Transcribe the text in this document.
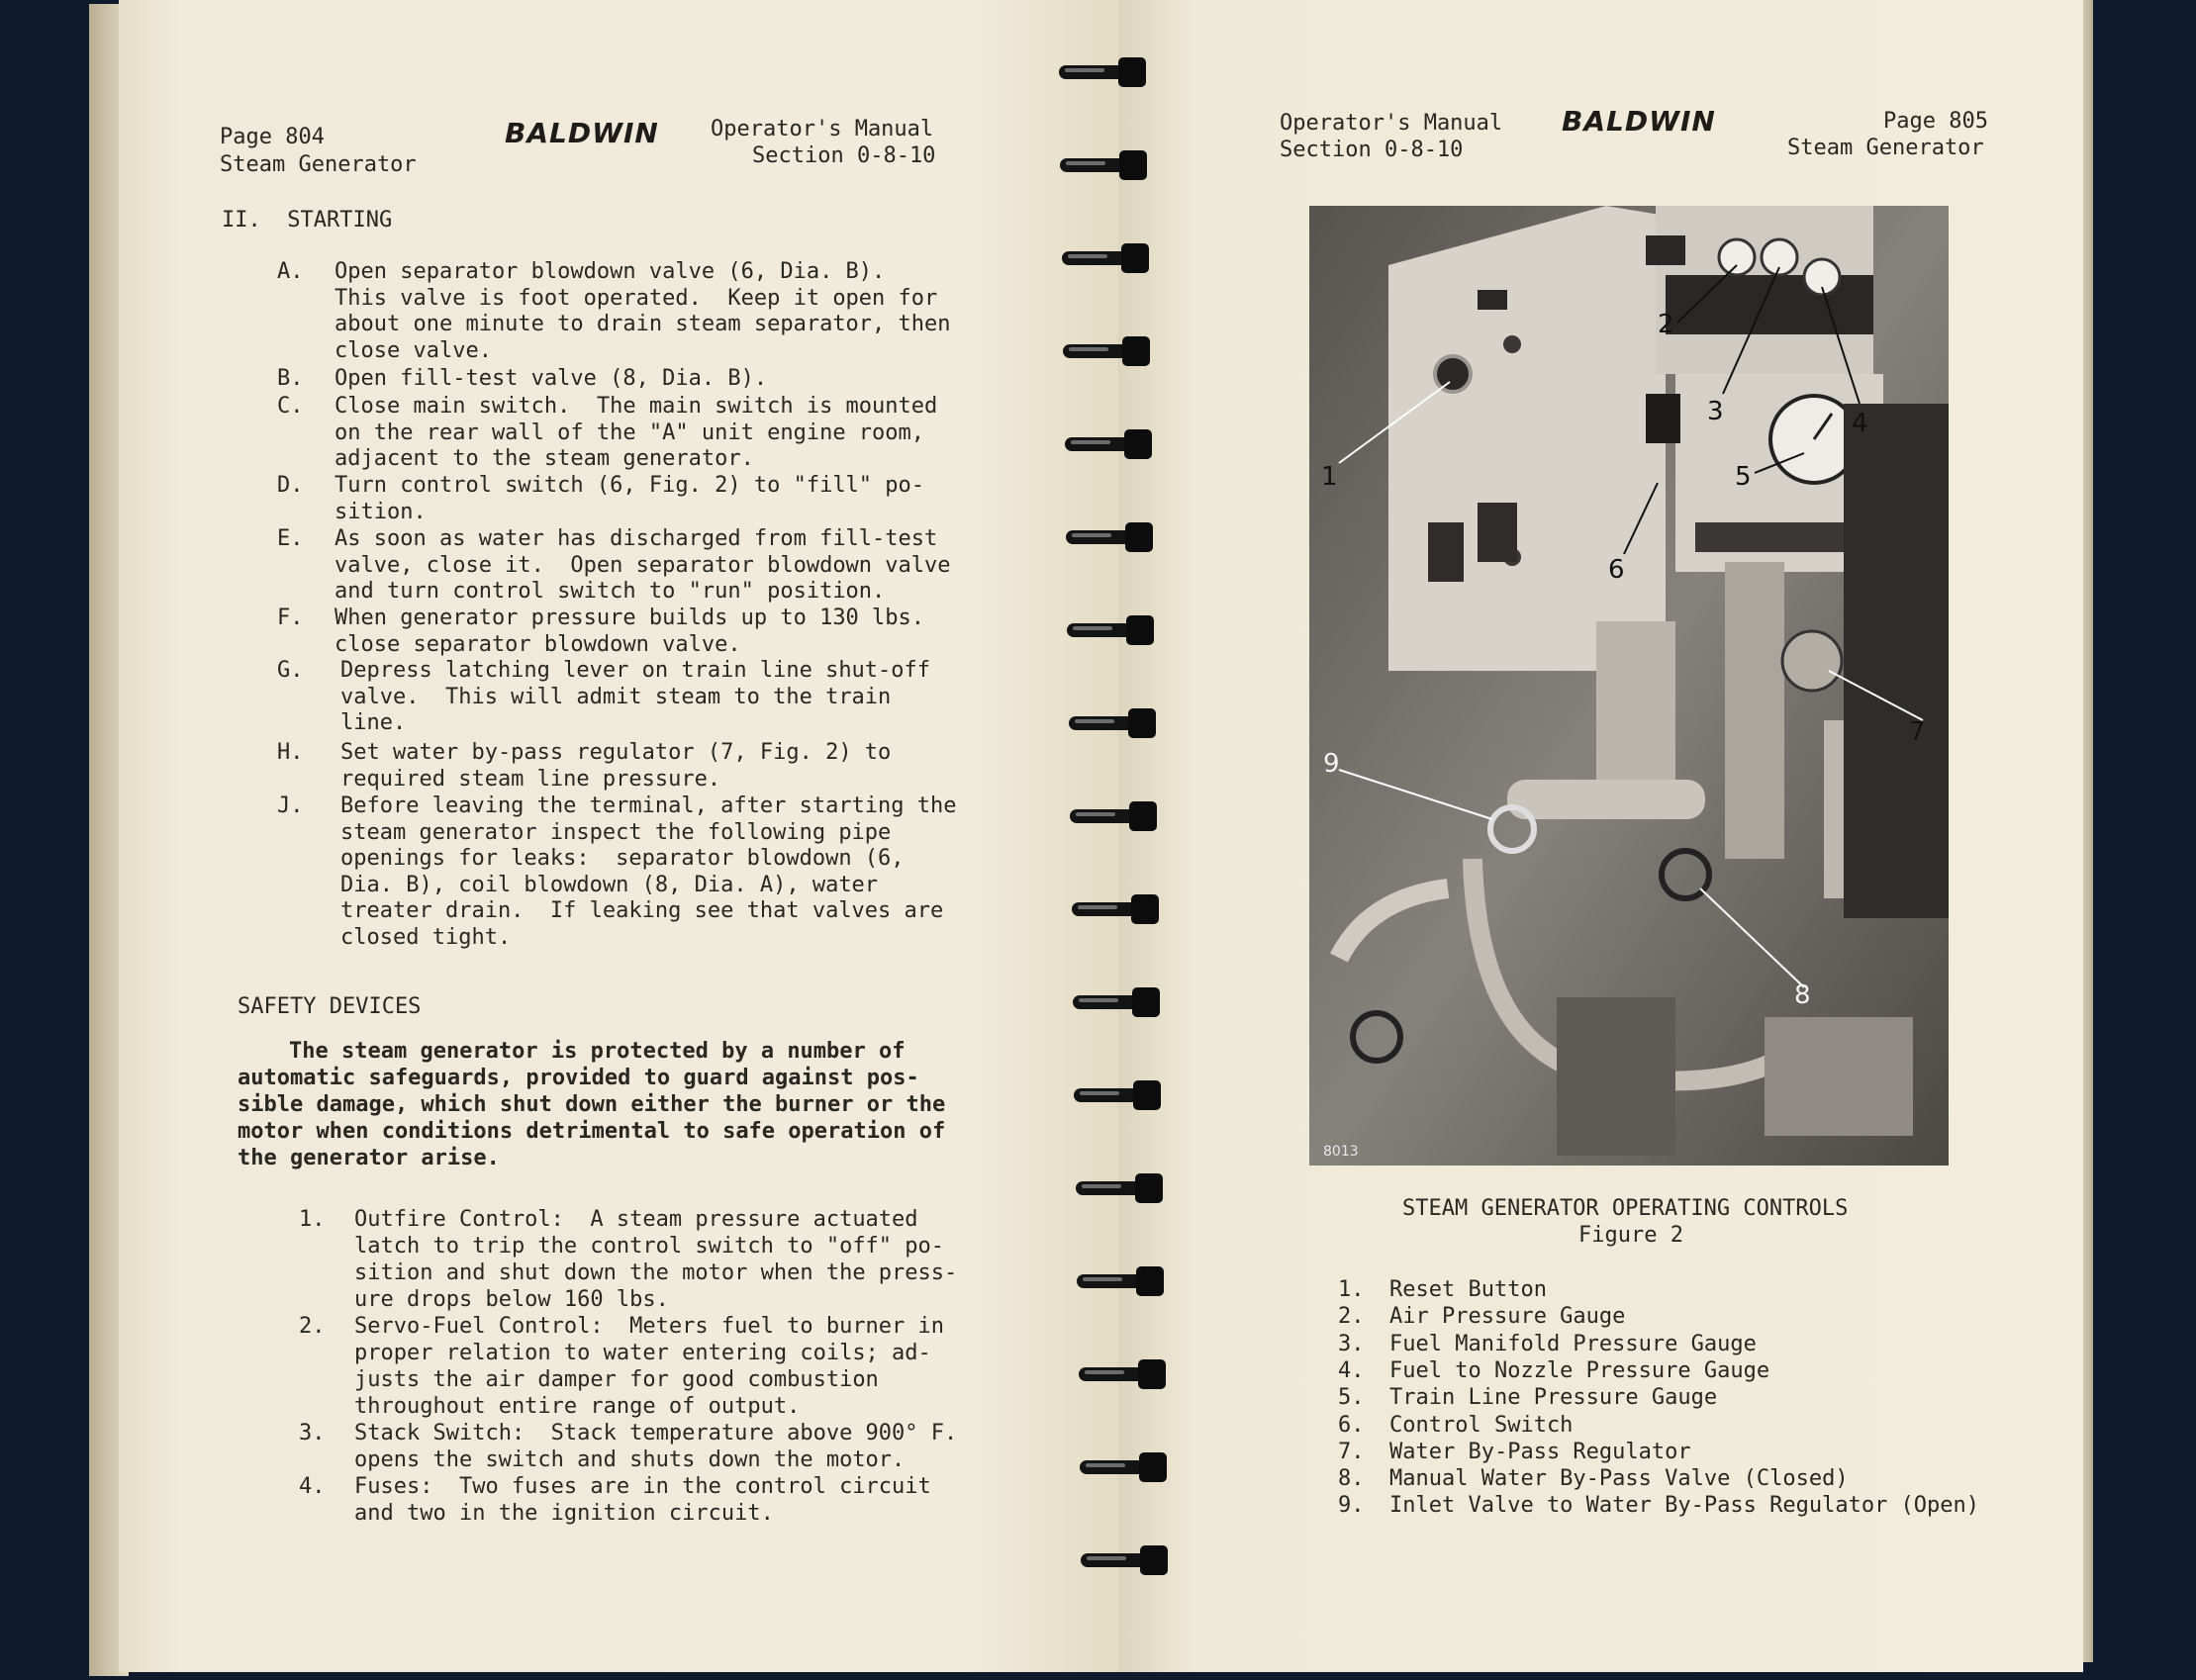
Page 804
Steam Generator
BALDWIN Operator's Manual
Section 0-8-10
II.  STARTING
A. Open separator blowdown valve (6, Dia. B).
This valve is foot operated.  Keep it open for
about one minute to drain steam separator, then
close valve.
B. Open fill-test valve (8, Dia. B).
C. Close main switch.  The main switch is mounted
on the rear wall of the "A" unit engine room,
adjacent to the steam generator.
D. Turn control switch (6, Fig. 2) to "fill" po-
sition.
E. As soon as water has discharged from fill-test
valve, close it.  Open separator blowdown valve
and turn control switch to "run" position.
F. When generator pressure builds up to 130 lbs.
close separator blowdown valve.
G. Depress latching lever on train line shut-off
valve.  This will admit steam to the train
line.
H. Set water by-pass regulator (7, Fig. 2) to
required steam line pressure.
J. Before leaving the terminal, after starting the
steam generator inspect the following pipe
openings for leaks:  separator blowdown (6,
Dia. B), coil blowdown (8, Dia. A), water
treater drain.  If leaking see that valves are
closed tight.
SAFETY DEVICES
The steam generator is protected by a number of
automatic safeguards, provided to guard against pos-
sible damage, which shut down either the burner or the
motor when conditions detrimental to safe operation of
the generator arise.
1. Outfire Control:  A steam pressure actuated
latch to trip the control switch to "off" po-
sition and shut down the motor when the press-
ure drops below 160 lbs.
2. Servo-Fuel Control:  Meters fuel to burner in
proper relation to water entering coils; ad-
justs the air damper for good combustion
throughout entire range of output.
3. Stack Switch:  Stack temperature above 900° F.
opens the switch and shuts down the motor.
4. Fuses:  Two fuses are in the control circuit
and two in the ignition circuit.
Operator's Manual
Section 0-8-10
BALDWIN	Page 805
Steam Generator
STEAM GENERATOR OPERATING CONTROLS
Figure 2
1. Reset Button
2. Air Pressure Gauge
3. Fuel Manifold Pressure Gauge
4. Fuel to Nozzle Pressure Gauge
5. Train Line Pressure Gauge
6. Control Switch
7. Water By-Pass Regulator
8. Manual Water By-Pass Valve (Closed)
9. Inlet Valve to Water By-Pass Regulator (Open)
8013
1
2
3	4
5
6
7
8
9
